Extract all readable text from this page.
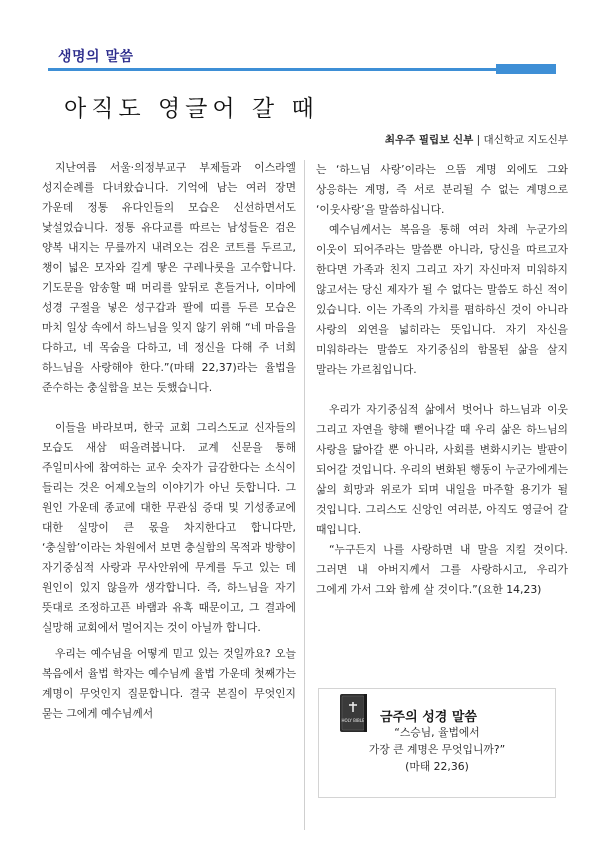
생명의 말씀
아직도 영글어 갈 때
최우주 필립보 신부 | 대신학교 지도신부

지난여름 서울·의정부교구 부제들과 이스라엘 성지순례를 다녀왔습니다. 기억에 남는 여러 장면 가운데 정통 유다인들의 모습은 신선하면서도 낯설었습니다. 정통 유다교를 따르는 남성들은 검은 양복 내지는 무릎까지 내려오는 검은 코트를 두르고, 챙이 넓은 모자와 길게 땋은 구레나룻을 고수합니다. 기도문을 암송할 때 머리를 앞뒤로 흔들거나, 이마에 성경 구절을 넣은 성구갑과 팔에 띠를 두른 모습은 마치 일상 속에서 하느님을 잊지 않기 위해 “네 마음을 다하고, 네 목숨을 다하고, 네 정신을 다해 주 너희 하느님을 사랑해야 한다.”(마태 22,37)라는 율법을 준수하는 충실함을 보는 듯했습니다.

이들을 바라보며, 한국 교회 그리스도교 신자들의 모습도 새삼 떠올려봅니다. 교계 신문을 통해 주일미사에 참여하는 교우 숫자가 급감한다는 소식이 들리는 것은 어제오늘의 이야기가 아닌 듯합니다. 그 원인 가운데 종교에 대한 무관심 증대 및 기성종교에 대한 실망이 큰 몫을 차지한다고 합니다만, ‘충실함’이라는 차원에서 보면 충실함의 목적과 방향이 자기중심적 사랑과 무사안위에 무게를 두고 있는 데 원인이 있지 않을까 생각합니다. 즉, 하느님을 자기 뜻대로 조정하고픈 바램과 유혹 때문이고, 그 결과에 실망해 교회에서 멀어지는 것이 아닐까 합니다.

우리는 예수님을 어떻게 믿고 있는 것일까요? 오늘 복음에서 율법 학자는 예수님께 율법 가운데 첫째가는 계명이 무엇인지 질문합니다. 결국 본질이 무엇인지 묻는 그에게 예수님께서

는 ‘하느님 사랑’이라는 으뜸 계명 외에도 그와 상응하는 계명, 즉 서로 분리될 수 없는 계명으로 ‘이웃사랑’을 말씀하십니다.

예수님께서는 복음을 통해 여러 차례 누군가의 이웃이 되어주라는 말씀뿐 아니라, 당신을 따르고자 한다면 가족과 친지 그리고 자기 자신마저 미워하지 않고서는 당신 제자가 될 수 없다는 말씀도 하신 적이 있습니다. 이는 가족의 가치를 폄하하신 것이 아니라 사랑의 외연을 넓히라는 뜻입니다. 자기 자신을 미워하라는 말씀도 자기중심의 함몰된 삶을 살지 말라는 가르침입니다.

우리가 자기중심적 삶에서 벗어나 하느님과 이웃 그리고 자연을 향해 뻗어나갈 때 우리 삶은 하느님의 사랑을 닮아갈 뿐 아니라, 사회를 변화시키는 발판이 되어갈 것입니다. 우리의 변화된 행동이 누군가에게는 삶의 희망과 위로가 되며 내일을 마주할 용기가 될 것입니다. 그리스도 신앙인 여러분, 아직도 영글어 갈 때입니다.

“누구든지 나를 사랑하면 내 말을 지킬 것이다. 그러면 내 아버지께서 그를 사랑하시고, 우리가 그에게 가서 그와 함께 살 것이다.”(요한 14,23)

HOLY BIBLE 금주의 성경 말씀
“스승님, 율법에서
가장 큰 계명은 무엇입니까?”
(마태 22,36)
